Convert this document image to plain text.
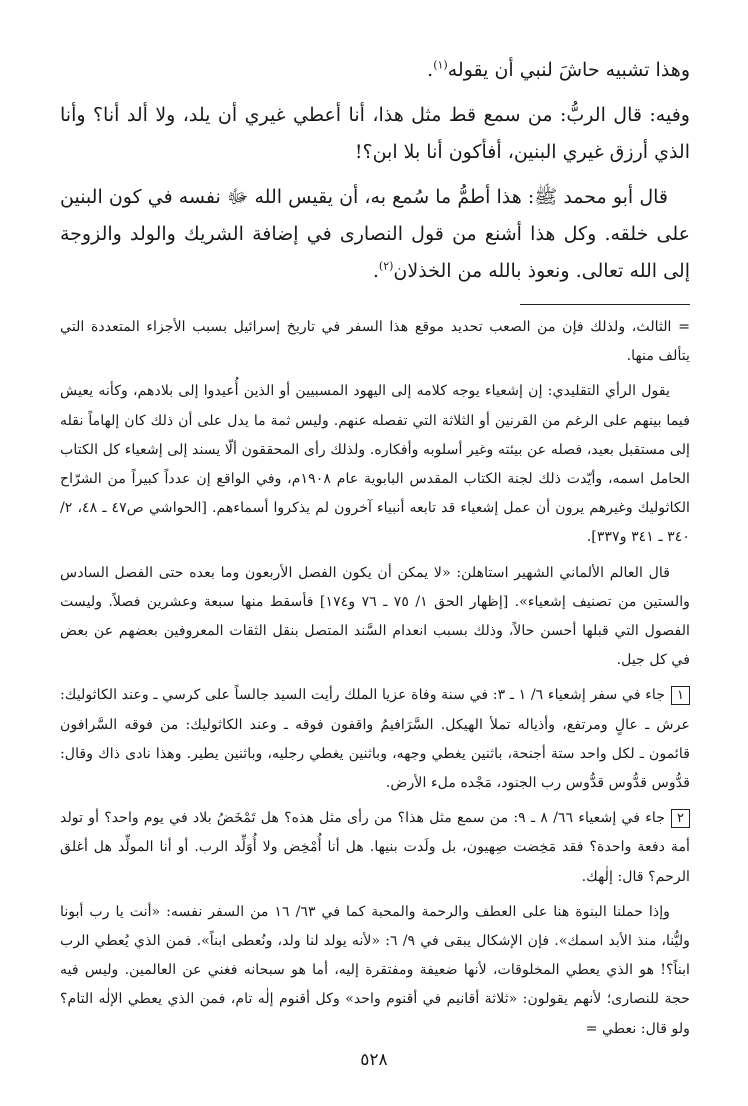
وهذا تشبيه حاشَ لنبي أن يقوله$^{(١)}$.

وفيه: قال الربُّ: من سمع قط مثل هذا، أنا أعطي غيري أن يلد، ولا ألد أنا؟ وأنا الذي أرزق غيري البنين، أفأكون أنا بلا ابن؟!

قال أبو محمد ﷺ: هذا أطمُّ ما سُمع به، أن يقيس الله ﷻ نفسه في كون البنين على خلقه. وكل هذا أشنع من قول النصارى في إضافة الشريك والولد والزوجة إلى الله تعالى. ونعوذ بالله من الخذلان$^{(٢)}$.

= الثالث، ولذلك فإن من الصعب تحديد موقع هذا السفر في تاريخ إسرائيل بسبب الأجزاء المتعددة التي يتألف منها.

يقول الرأي التقليدي: إن إشعياء يوجه كلامه إلى اليهود المسبيين أو الذين أُعيدوا إلى بلادهم، وكأنه يعيش فيما بينهم على الرغم من القرنين أو الثلاثة التي تفصله عنهم. وليس ثمة ما يدل على أن ذلك كان إلهاماً نقله إلى مستقبل بعيد، فصله عن بيئته وغير أسلوبه وأفكاره. ولذلك رأى المحققون ألّا يسند إلى إشعياء كل الكتاب الحامل اسمه، وأيّدت ذلك لجنة الكتاب المقدس البابوية عام ١٩٠٨م، وفي الواقع إن عدداً كبيراً من الشرّاح الكاثوليك وغيرهم يرون أن عمل إشعياء قد تابعه أنبياء آخرون لم يذكروا أسماءهم. [الحواشي ص٤٧ ـ ٤٨، ٢/ ٣٤٠ ـ ٣٤١ و٣٣٧].

قال العالم الألماني الشهير استاهلن: «لا يمكن أن يكون الفصل الأربعون وما بعده حتى الفصل السادس والستين من تصنيف إشعياء». [إظهار الحق ١/ ٧٥ ـ ٧٦ و١٧٤] فأسقط منها سبعة وعشرين فصلاً. وليست الفصول التي قبلها أحسن حالاً، وذلك بسبب انعدام السَّند المتصل بنقل الثقات المعروفين بعضهم عن بعض في كل جيل.

١جاء في سفر إشعياء ٦/ ١ ـ ٣: في سنة وفاة عزيا الملك رأيت السيد جالساً على كرسي ـ وعند الكاثوليك: عرش ـ عالٍ ومرتفع، وأذياله تملأ الهيكل. السَّرَافيمُ واقفون فوقه ـ وعند الكاثوليك: من فوقه السَّرافون قائمون ـ لكل واحد ستة أجنحة، باثنين يغطي وجهه، وباثنين يغطي رجليه، وباثنين يطير. وهذا نادى ذاك وقال: قدُّوس قدُّوس قدُّوس رب الجنود، مَجْده ملء الأرض.

٢جاء في إشعياء ٦٦/ ٨ ـ ٩: من سمع مثل هذا؟ من رأى مثل هذه؟ هل تَمْخَضُ بلاد في يوم واحد؟ أو تولد أمة دفعة واحدة؟ فقد مَخِضت صِهيون، بل ولَدت بنيها. هل أنا أُمْخِض ولا أُوَلِّد الرب. أو أنا المولِّد هل أغلق الرحم؟ قال: إلٰهك.

وإذا حملنا البنوة هنا على العطف والرحمة والمحبة كما في ٦٣/ ١٦ من السفر نفسه: «أنت يا رب أبونا وليُّنا، منذ الأبد اسمك». فإن الإشكال يبقى في ٩/ ٦: «لأنه يولد لنا ولد، ونُعطى ابناً». فمن الذي يُعطي الرب ابناً؟! هو الذي يعطي المخلوقات، لأنها ضعيفة ومفتقرة إليه، أما هو سبحانه فغني عن العالمين. وليس فيه حجة للنصارى؛ لأنهم يقولون: «ثلاثة أقانيم في أقنوم واحد» وكل أقنوم إلٰه تام، فمن الذي يعطي الإلٰه التام؟ ولو قال: نعطي =

٥٢٨
